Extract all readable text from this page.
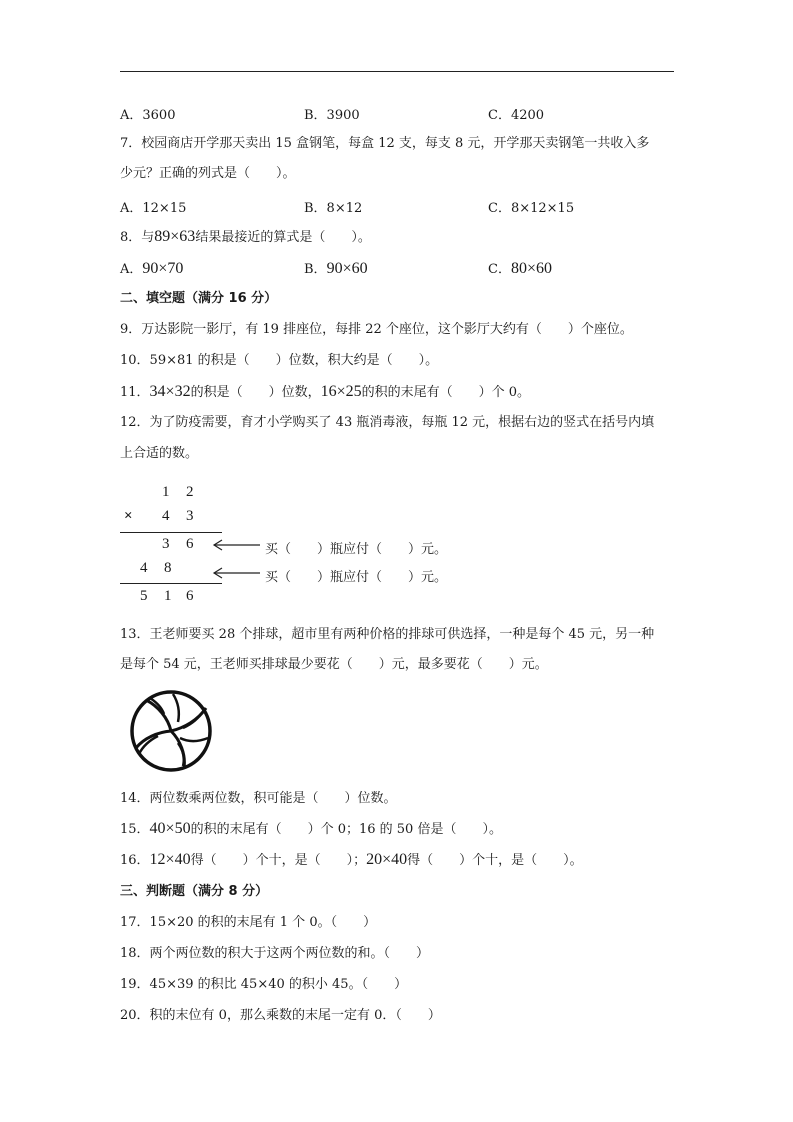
A．3600	B．3900	C．4200
7．校园商店开学那天卖出 15 盒钢笔，每盒 12 支，每支 8 元，开学那天卖钢笔一共收入多
少元？正确的列式是（　　）。
A．12×15	B．8×12	C．8×12×15
8．与89×63结果最接近的算式是（　　）。
A．90×70	B．90×60	C．80×60
二、填空题（满分 16 分）
9．万达影院一影厅，有 19 排座位，每排 22 个座位，这个影厅大约有（　　）个座位。
10．59×81 的积是（　　）位数，积大约是（　　）。
11．34×32的积是（　　）位数，16×25的积的末尾有（　　）个 0。
12．为了防疫需要，育才小学购买了 43 瓶消毒液，每瓶 12 元，根据右边的竖式在括号内填
上合适的数。
1 2
× 4 3
3 6
4 8
5 1 6
买（　　）瓶应付（　　）元。
买（　　）瓶应付（　　）元。
13．王老师要买 28 个排球，超市里有两种价格的排球可供选择，一种是每个 45 元，另一种
是每个 54 元，王老师买排球最少要花（　　）元，最多要花（　　）元。
14．两位数乘两位数，积可能是（　　）位数。
15．40×50的积的末尾有（　　）个 0；16 的 50 倍是（　　）。
16．12×40得（　　）个十，是（　　）；20×40得（　　）个十，是（　　）。
三、判断题（满分 8 分）
17．15×20 的积的末尾有 1 个 0。（　　）
18．两个两位数的积大于这两个两位数的和。（　　）
19．45×39 的积比 45×40 的积小 45。（　　）
20．积的末位有 0，那么乘数的末尾一定有 0．（　　）
